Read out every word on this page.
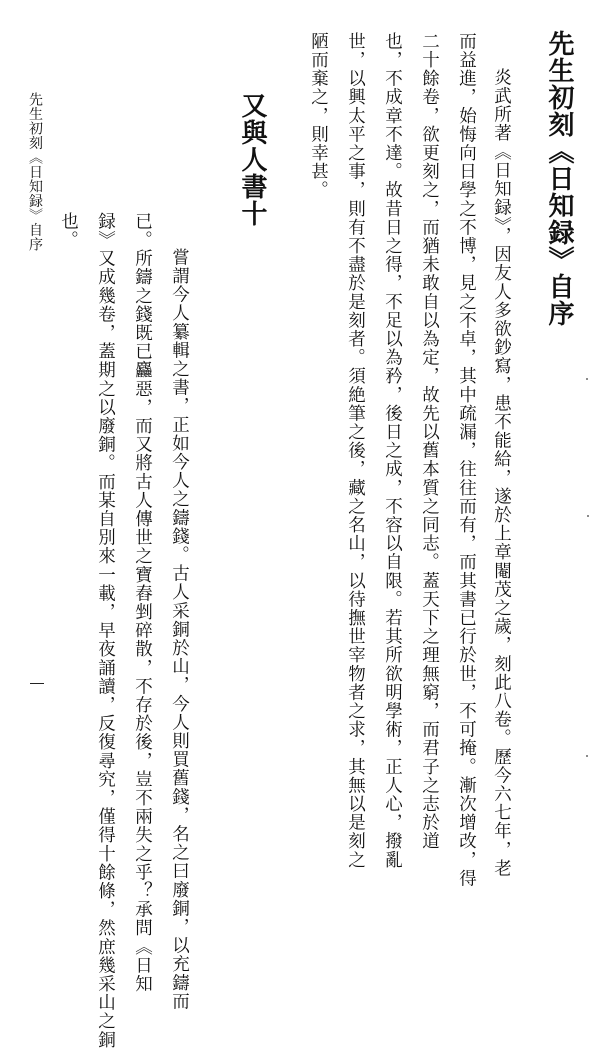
先生初刻《日知録》自序
炎武所著《日知録》，因友人多欲鈔寫，患不能給，遂於上章閹茂之歲，刻此八卷。歷今六七年，老
而益進，始悔向日學之不博，見之不卓，其中疏漏，往往而有，而其書已行於世，不可掩。漸次增改，得
二十餘卷，欲更刻之，而猶未敢自以為定，故先以舊本質之同志。蓋天下之理無窮，而君子之志於道
也，不成章不達。故昔日之得，不足以為矜，後日之成，不容以自限。若其所欲明學術，正人心，撥亂
世，以興太平之事，則有不盡於是刻者。須絶筆之後，藏之名山，以待撫世宰物者之求，其無以是刻之
陋而棄之，則幸甚。
又與人書十
嘗謂今人纂輯之書，正如今人之鑄錢。古人采銅於山，今人則買舊錢，名之曰廢銅，以充鑄而
已。所鑄之錢既已麤惡，而又將古人傳世之寶舂剉碎散，不存於後，豈不兩失之乎？承問《日知
録》又成幾卷，蓋期之以廢銅。而某自別來一載，早夜誦讀，反復尋究，僅得十餘條，然庶幾采山之銅
也。
先生初刻《日知録》自序
